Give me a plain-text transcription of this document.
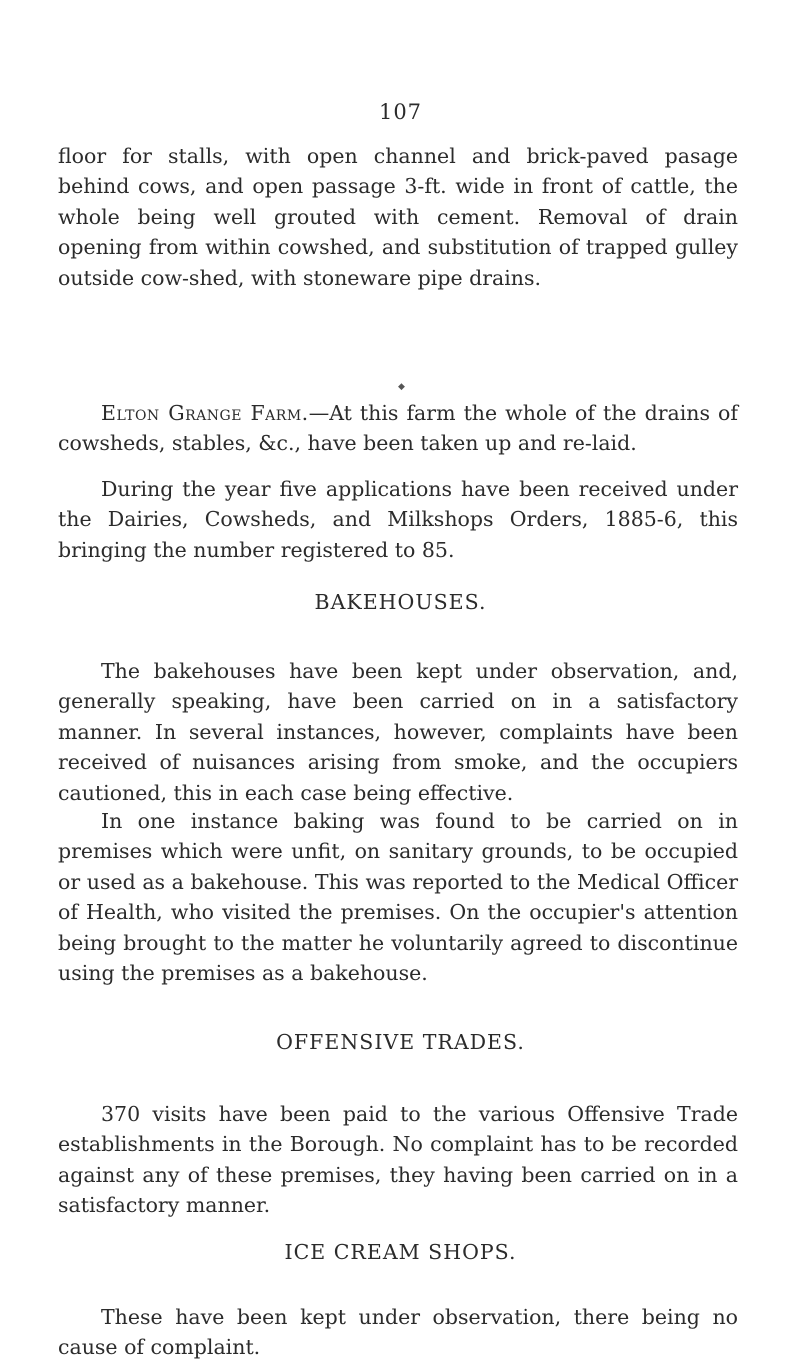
107

floor for stalls, with open channel and brick-paved pasage behind cows, and open passage 3-ft. wide in front of cattle, the whole being well grouted with cement. Removal of drain opening from within cowshed, and substitution of trapped gulley outside cow-shed, with stoneware pipe drains.

◆

Elton Grange Farm.—At this farm the whole of the drains of cowsheds, stables, &c., have been taken up and re-laid.

During the year five applications have been received under the Dairies, Cowsheds, and Milkshops Orders, 1885-6, this bringing the number registered to 85.

BAKEHOUSES.

The bakehouses have been kept under observation, and, generally speaking, have been carried on in a satisfactory manner. In several instances, however, complaints have been received of nuisances arising from smoke, and the occupiers cautioned, this in each case being effective.

In one instance baking was found to be carried on in premises which were unfit, on sanitary grounds, to be occupied or used as a bakehouse. This was reported to the Medical Officer of Health, who visited the premises. On the occupier's attention being brought to the matter he voluntarily agreed to discontinue using the premises as a bakehouse.

OFFENSIVE TRADES.

370 visits have been paid to the various Offensive Trade establishments in the Borough. No complaint has to be recorded against any of these premises, they having been carried on in a satisfactory manner.

ICE CREAM SHOPS.

These have been kept under observation, there being no cause of complaint.
